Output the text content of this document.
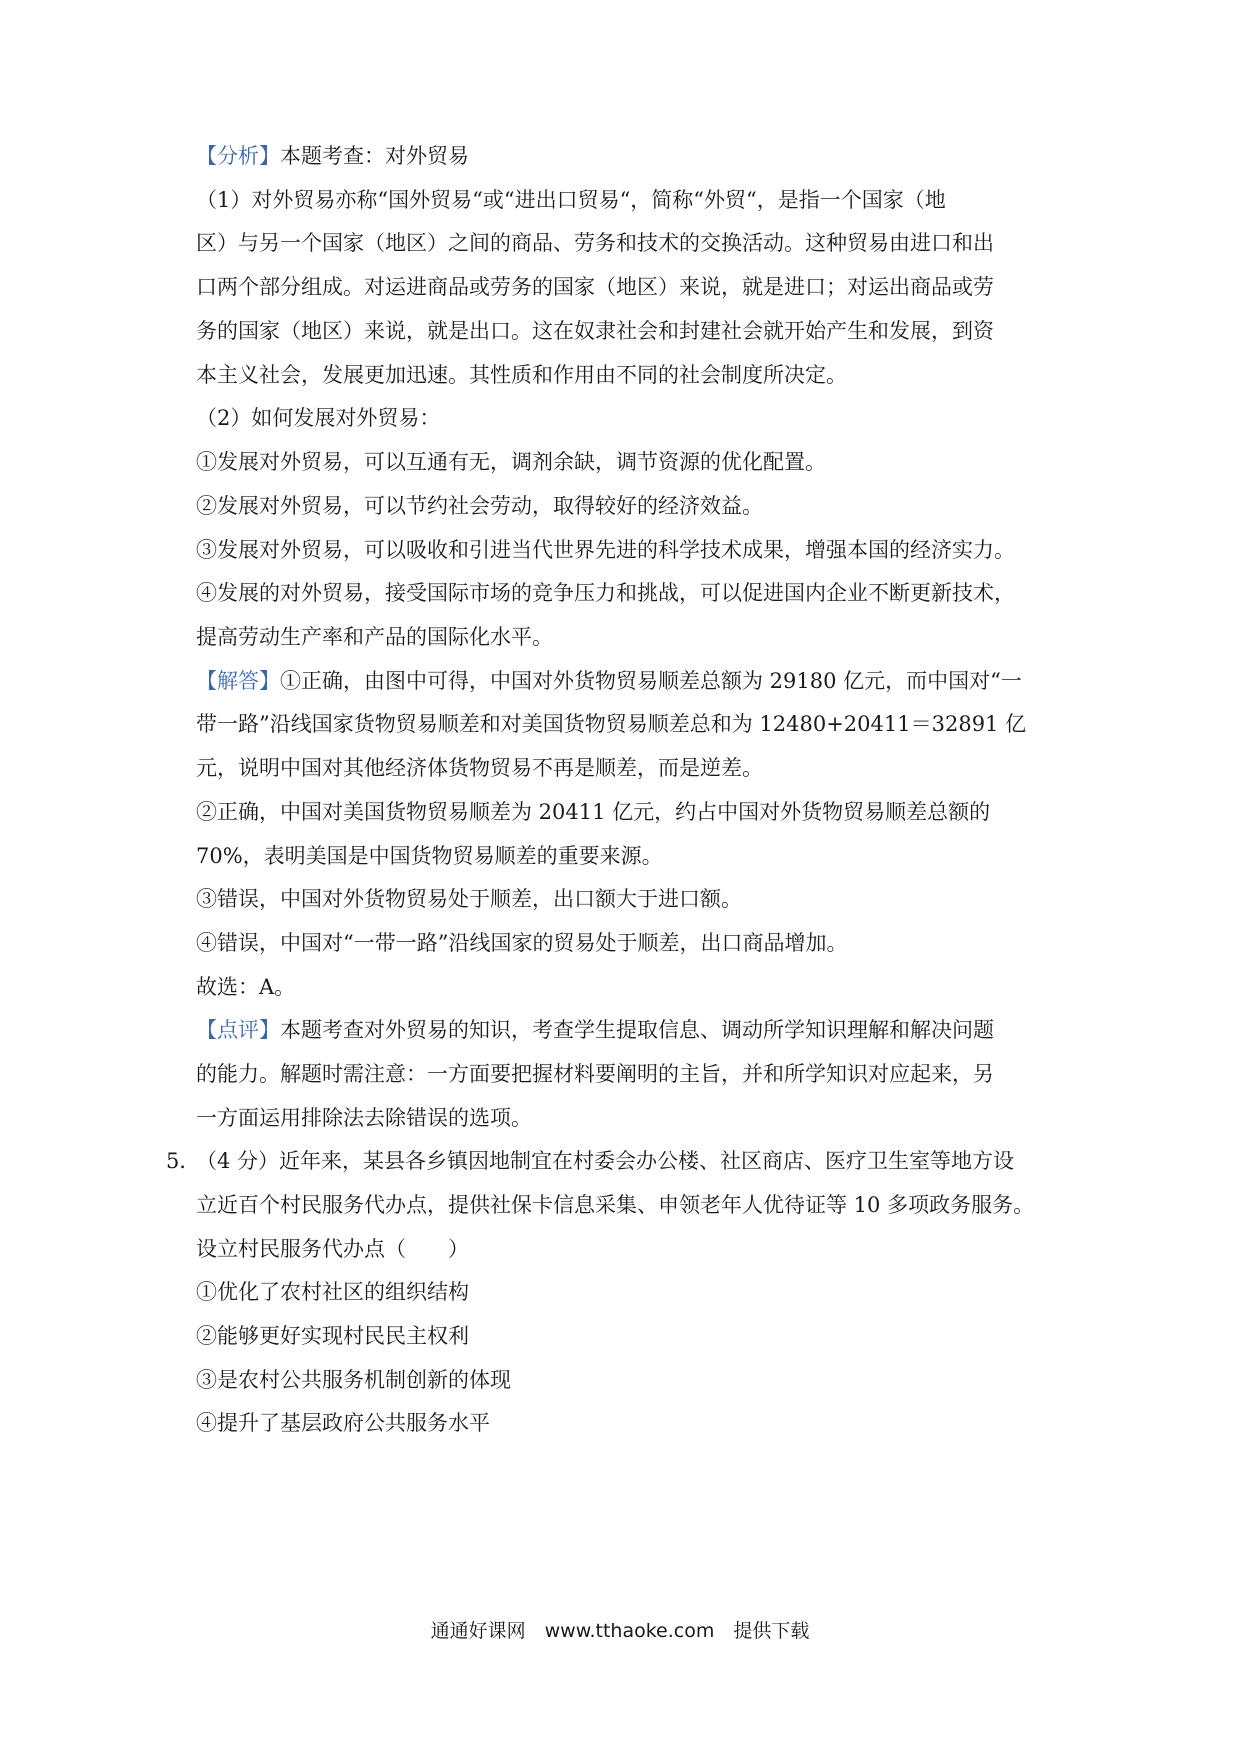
【分析】本题考查：对外贸易
（1）对外贸易亦称“国外贸易“或“进出口贸易“，简称“外贸“，是指一个国家（地
区）与另一个国家（地区）之间的商品、劳务和技术的交换活动。这种贸易由进口和出
口两个部分组成。对运进商品或劳务的国家（地区）来说，就是进口；对运出商品或劳
务的国家（地区）来说，就是出口。这在奴隶社会和封建社会就开始产生和发展，到资
本主义社会，发展更加迅速。其性质和作用由不同的社会制度所决定。
（2）如何发展对外贸易：
①发展对外贸易，可以互通有无，调剂余缺，调节资源的优化配置。
②发展对外贸易，可以节约社会劳动，取得较好的经济效益。
③发展对外贸易，可以吸收和引进当代世界先进的科学技术成果，增强本国的经济实力。
④发展的对外贸易，接受国际市场的竞争压力和挑战，可以促进国内企业不断更新技术，
提高劳动生产率和产品的国际化水平。
【解答】①正确，由图中可得，中国对外货物贸易顺差总额为 29180 亿元，而中国对“一
带一路”沿线国家货物贸易顺差和对美国货物贸易顺差总和为 12480+20411＝32891 亿
元，说明中国对其他经济体货物贸易不再是顺差，而是逆差。
②正确，中国对美国货物贸易顺差为 20411 亿元，约占中国对外货物贸易顺差总额的
70%，表明美国是中国货物贸易顺差的重要来源。
③错误，中国对外货物贸易处于顺差，出口额大于进口额。
④错误，中国对“一带一路”沿线国家的贸易处于顺差，出口商品增加。
故选：A。
【点评】本题考查对外贸易的知识，考查学生提取信息、调动所学知识理解和解决问题
的能力。解题时需注意：一方面要把握材料要阐明的主旨，并和所学知识对应起来，另
一方面运用排除法去除错误的选项。
5．
（4 分）近年来，某县各乡镇因地制宜在村委会办公楼、社区商店、医疗卫生室等地方设
立近百个村民服务代办点，提供社保卡信息采集、申领老年人优待证等 10 多项政务服务。
设立村民服务代办点（　　）
①优化了农村社区的组织结构
②能够更好实现村民民主权利
③是农村公共服务机制创新的体现
④提升了基层政府公共服务水平
通通好课网　www.tthaoke.com　提供下载
